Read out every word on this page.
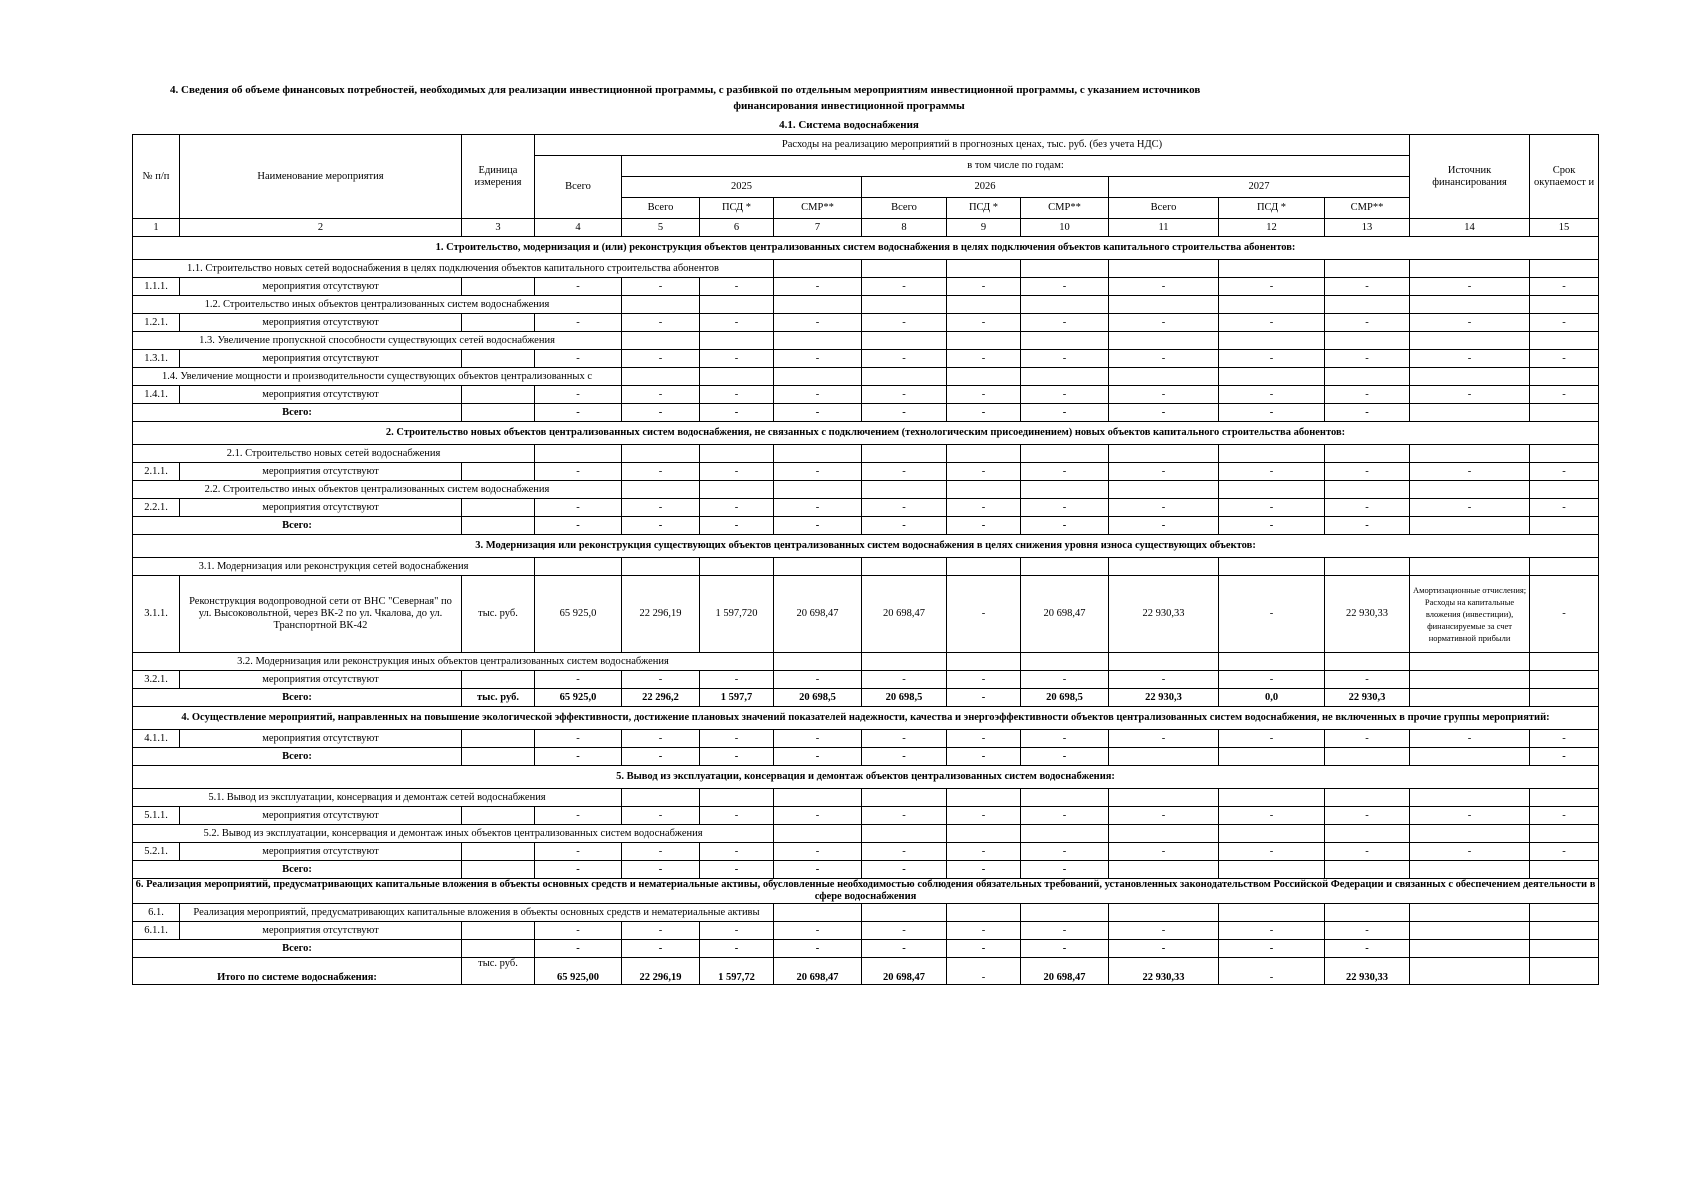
4. Сведения об объеме финансовых потребностей, необходимых для реализации инвестиционной программы, с разбивкой по отдельным мероприятиям инвестиционной программы, с указанием источников
финансирования инвестиционной программы
4.1. Система водоснабжения
№ п/п	Наименование мероприятия	Единица измерения	Расходы на реализацию мероприятий в прогнозных ценах, тыс. руб. (без учета НДС)										Источник финансирования	Срок окупаемост и	
			Всего	в том числе по годам:											
				2025			2026			2027					
				Всего	ПСД *	СМР**	Всего	ПСД *	СМР**	Всего	ПСД *	СМР**			
1	2	3	4	5	6	7	8	9	10	11	12	13	14	15	
1. Строительство, модернизация и (или) реконструкция объектов централизованных систем водоснабжения в целях подключения объектов капитального строительства абонентов:															
1.1. Строительство новых сетей водоснабжения в целях подключения объектов капитального строительства абонентов															
1.1.1.	мероприятия отсутствуют		-	-	-	-	-	-	-	-	-	-	-	-	
1.2. Строительство иных объектов централизованных систем водоснабжения															
1.2.1.	мероприятия отсутствуют		-	-	-	-	-	-	-	-	-	-	-	-	
1.3. Увеличение пропускной способности существующих сетей водоснабжения															
1.3.1.	мероприятия отсутствуют		-	-	-	-	-	-	-	-	-	-	-	-	
1.4. Увеличение мощности и производительности существующих объектов централизованных с															
1.4.1.	мероприятия отсутствуют		-	-	-	-	-	-	-	-	-	-	-	-	
Всего:			-	-	-	-	-	-	-	-	-	-			
2. Строительство новых объектов централизованных систем водоснабжения, не связанных с подключением (технологическим присоединением) новых объектов капитального строительства абонентов:															
2.1. Строительство новых сетей водоснабжения															
2.1.1.	мероприятия отсутствуют		-	-	-	-	-	-	-	-	-	-	-	-	
2.2. Строительство иных объектов централизованных систем водоснабжения															
2.2.1.	мероприятия отсутствуют		-	-	-	-	-	-	-	-	-	-	-	-	
Всего:			-	-	-	-	-	-	-	-	-	-			
3. Модернизация или реконструкция существующих объектов централизованных систем водоснабжения в целях снижения уровня износа существующих объектов:															
3.1. Модернизация или реконструкция сетей водоснабжения															
3.1.1.	Реконструкция водопроводной сети от ВНС "Северная" по ул. Высоковольтной, через ВК-2 по ул. Чкалова, до ул. Транспортной ВК-42	тыс. руб.	65 925,0	22 296,19	1 597,720	20 698,47	20 698,47	-	20 698,47	22 930,33	-	22 930,33	Амортизационные отчисления; Расходы на капитальные вложения (инвестиции), финансируемые за счет нормативной прибыли	-	
3.2. Модернизация или реконструкция иных объектов централизованных систем водоснабжения															
3.2.1.	мероприятия отсутствуют		-	-	-	-	-	-	-	-	-	-			
Всего:		тыс. руб.	65 925,0	22 296,2	1 597,7	20 698,5	20 698,5	-	20 698,5	22 930,3	0,0	22 930,3			
4. Осуществление мероприятий, направленных на повышение экологической эффективности, достижение плановых значений показателей надежности, качества и энергоэффективности объектов централизованных систем водоснабжения, не включенных в прочие группы мероприятий:															
4.1.1.	мероприятия отсутствуют		-	-	-	-	-	-	-	-	-	-	-	-	
Всего:			-	-	-	-	-	-	-					-	
5. Вывод из эксплуатации, консервация и демонтаж объектов централизованных систем водоснабжения:															
5.1. Вывод из эксплуатации, консервация и демонтаж сетей водоснабжения															
5.1.1.	мероприятия отсутствуют		-	-	-	-	-	-	-	-	-	-	-	-	
5.2. Вывод из эксплуатации, консервация и демонтаж иных объектов централизованных систем водоснабжения															
5.2.1.	мероприятия отсутствуют		-	-	-	-	-	-	-	-	-	-	-	-	
Всего:			-	-	-	-	-	-	-						
6. Реализация мероприятий, предусматривающих капитальные вложения в объекты основных средств и нематериальные активы, обусловленные необходимостью соблюдения обязательных требований, установленных законодательством Российской Федерации и связанных с обеспечением деятельности в сфере водоснабжения															
6.1.	Реализация мероприятий, предусматривающих капитальные вложения в объекты основных средств и нематериальные активы														
6.1.1.	мероприятия отсутствуют		-	-	-	-	-	-	-	-	-	-			
Всего:			-	-	-	-	-	-	-	-	-	-			
Итого по системе водоснабжения:		тыс. руб.	65 925,00	22 296,19	1 597,72	20 698,47	20 698,47	-	20 698,47	22 930,33	-	22 930,33			
